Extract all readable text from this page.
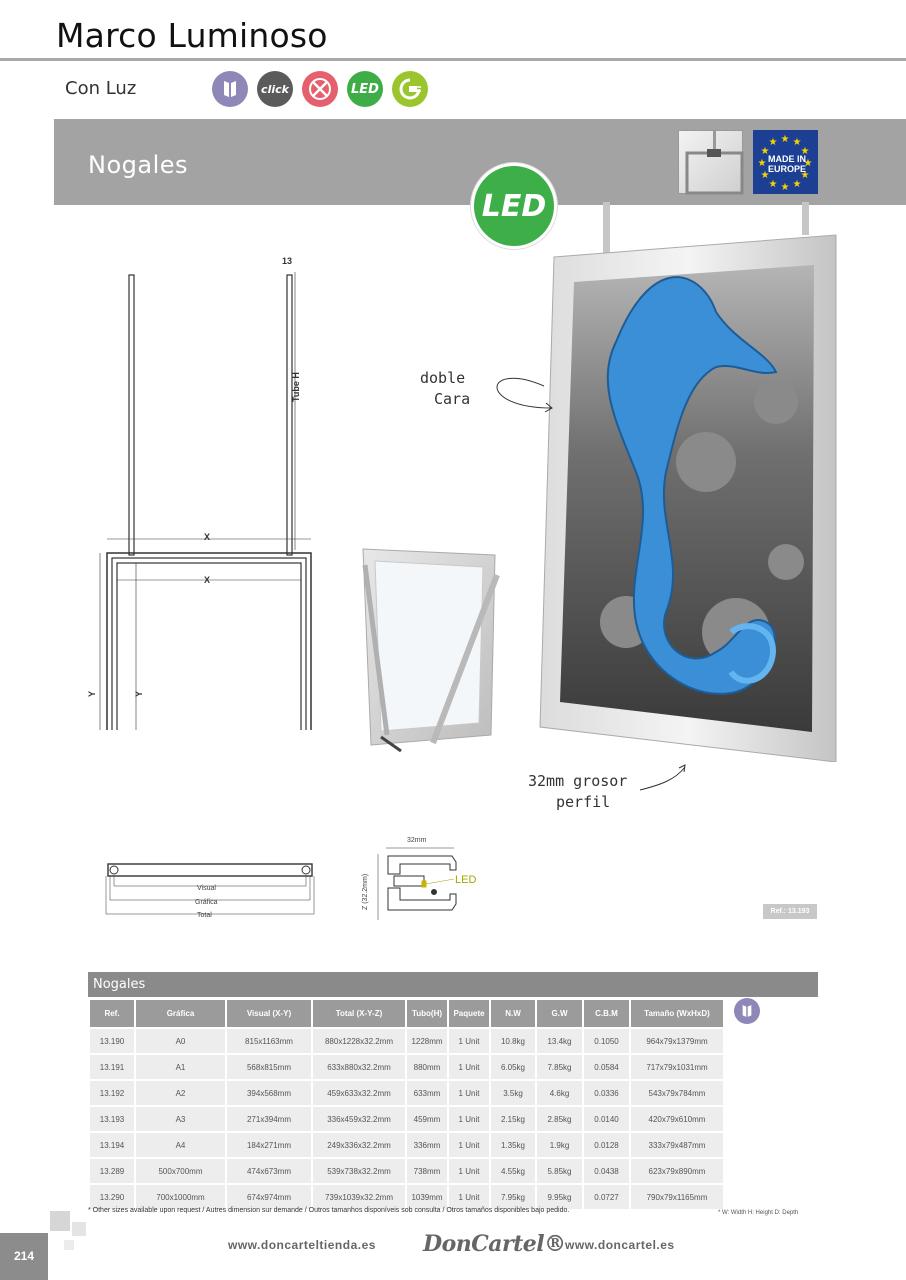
Marco Luminoso
Con Luz	click	LED
Nogales
★ ★
★
★
★
★
★
★
★
★
★
★
MADE IN EUROPE
LED
13
Tube H
X
X
Y	Y
Visual
Gráfica
Total
32mm
Z (32.2mm)	LED
doble
Cara
32mm grosor
perfil
Ref.: 13.193
Nogales
Ref.	Gráfica	Visual (X-Y)	Total (X-Y-Z)	Tubo(H)	Paquete	N.W	G.W	C.B.M	Tamaño (WxHxD)
13.190	A0	815x1163mm	880x1228x32.2mm	1228mm	1 Unit	10.8kg	13.4kg	0.1050	964x79x1379mm
13.191	A1	568x815mm	633x880x32.2mm	880mm	1 Unit	6.05kg	7.85kg	0.0584	717x79x1031mm
13.192	A2	394x568mm	459x633x32.2mm	633mm	1 Unit	3.5kg	4.6kg	0.0336	543x79x784mm
13.193	A3	271x394mm	336x459x32.2mm	459mm	1 Unit	2.15kg	2.85kg	0.0140	420x79x610mm
13.194	A4	184x271mm	249x336x32.2mm	336mm	1 Unit	1.35kg	1.9kg	0.0128	333x79x487mm
13.289	500x700mm	474x673mm	539x738x32.2mm	738mm	1 Unit	4.55kg	5.85kg	0.0438	623x79x890mm
13.290	700x1000mm	674x974mm	739x1039x32.2mm	1039mm	1 Unit	7.95kg	9.95kg	0.0727	790x79x1165mm
* Other sizes available upon request / Autres dimension sur demande / Outros tamanhos disponíveis sob consulta / Otros tamaños disponibles bajo pedido.	* W: Width H: Height D: Depth
214
www.doncarteltienda.es DonCartel® www.doncartel.es
